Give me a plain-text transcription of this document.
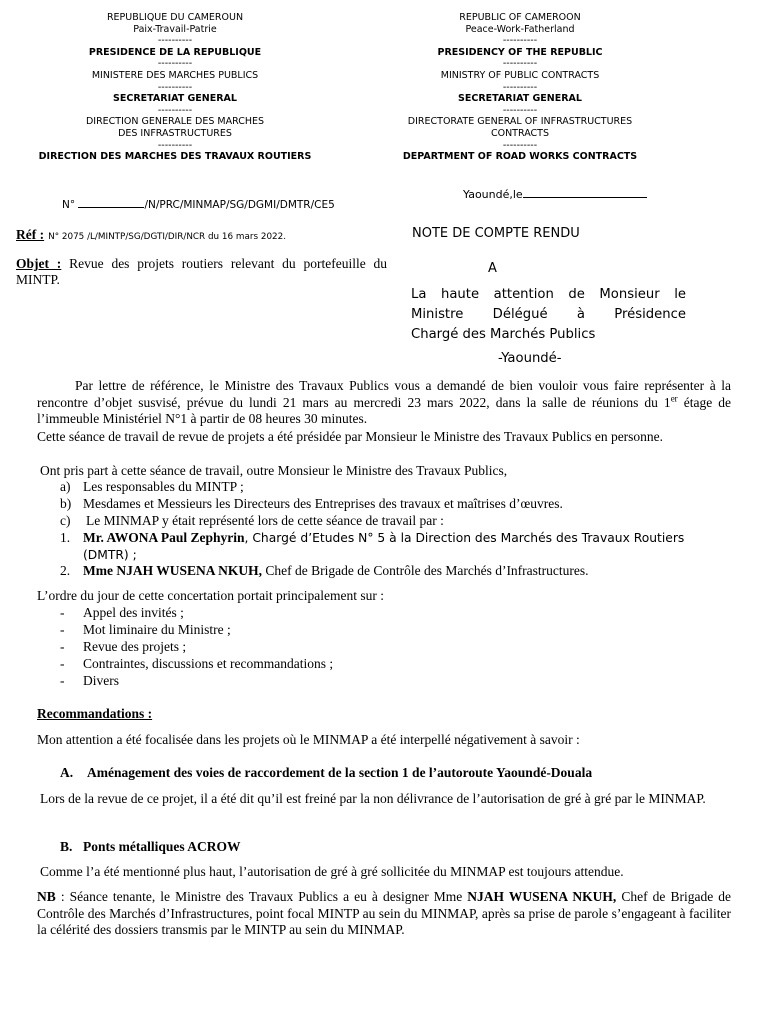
REPUBLIQUE DU CAMEROUN
Paix-Travail-Patrie
----------
PRESIDENCE DE LA REPUBLIQUE
----------
MINISTERE DES MARCHES PUBLICS
----------
SECRETARIAT GENERAL
----------
DIRECTION GENERALE DES MARCHES
DES INFRASTRUCTURES
----------
DIRECTION DES MARCHES DES TRAVAUX ROUTIERS
REPUBLIC OF CAMEROON
Peace-Work-Fatherland
----------
PRESIDENCY OF THE REPUBLIC
----------
MINISTRY OF PUBLIC CONTRACTS
----------
SECRETARIAT GENERAL
----------
DIRECTORATE GENERAL OF INFRASTRUCTURES
CONTRACTS
----------
DEPARTMENT OF ROAD WORKS CONTRACTS
Yaoundé,le
N°	/N/PRC/MINMAP/SG/DGMI/DMTR/CE5
Réf : N° 2075 /L/MINTP/SG/DGTI/DIR/NCR du 16 mars 2022.
Objet : Revue des projets routiers relevant du portefeuille du MINTP.
NOTE DE COMPTE RENDU
A
La haute attention de Monsieur le
Ministre Délégué à Présidence
Chargé des Marchés Publics
-Yaoundé-
Par lettre de référence, le Ministre des Travaux Publics vous a demandé de bien vouloir vous faire représenter à la rencontre d’objet susvisé, prévue du lundi 21 mars au mercredi 23 mars 2022, dans la salle de réunions du 1er étage de l’immeuble Ministériel N°1 à partir de 08 heures 30 minutes.
Cette séance de travail de revue de projets a été présidée par Monsieur le Ministre des Travaux Publics en personne.
Ont pris part à cette séance de travail, outre Monsieur le Ministre des Travaux Publics,
a) Les responsables du MINTP ;
b) Mesdames et Messieurs les Directeurs des Entreprises des travaux et maîtrises d’œuvres.
c) Le MINMAP y était représenté lors de cette séance de travail par :
1. Mr. AWONA Paul Zephyrin, Chargé d’Etudes N° 5 à la Direction des Marchés des Travaux Routiers (DMTR) ;
2. Mme NJAH WUSENA NKUH, Chef de Brigade de Contrôle des Marchés d’Infrastructures.
L’ordre du jour de cette concertation portait principalement sur :
- Appel des invités ;
- Mot liminaire du Ministre ;
- Revue des projets ;
- Contraintes, discussions et recommandations ;
- Divers
Recommandations :
Mon attention a été focalisée dans les projets où le MINMAP a été interpellé négativement à savoir :
A. Aménagement des voies de raccordement de la section 1 de l’autoroute Yaoundé-Douala
Lors de la revue de ce projet, il a été dit qu’il est freiné par la non délivrance de l’autorisation de gré à gré par le MINMAP.
B. Ponts métalliques ACROW
Comme l’a été mentionné plus haut, l’autorisation de gré à gré sollicitée du MINMAP est toujours attendue.
NB : Séance tenante, le Ministre des Travaux Publics a eu à designer Mme NJAH WUSENA NKUH, Chef de Brigade de Contrôle des Marchés d’Infrastructures, point focal MINTP au sein du MINMAP, après sa prise de parole s’engageant à faciliter la célérité des dossiers transmis par le MINTP au sein du MINMAP.
